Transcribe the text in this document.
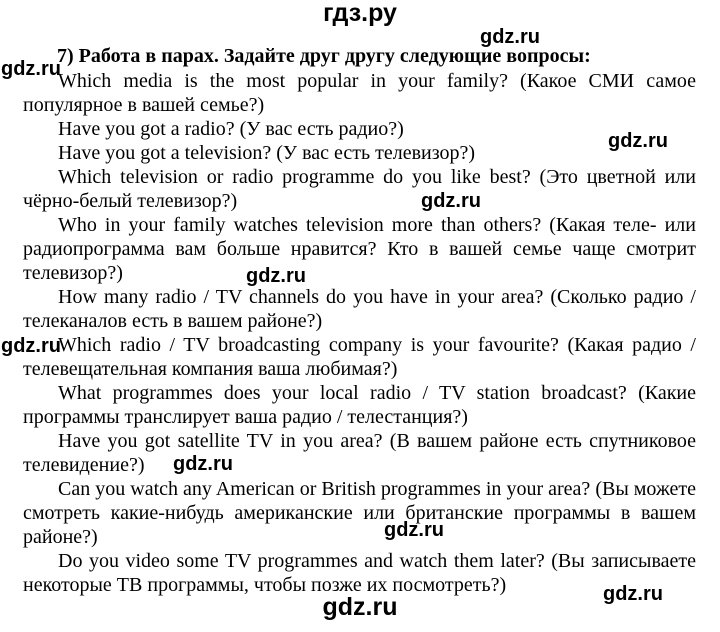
гдз.ру
gdz.ru
gdz.ru
gdz.ru
gdz.ru
gdz.ru
gdz.ru
gdz.ru
gdz.ru
gdz.ru
7) Работа в парах. Задайте друг другу следующие вопросы:

Which media is the most popular in your family? (Какое СМИ самое популярное в вашей семье?)

Have you got a radio? (У вас есть радио?)

Have you got a television? (У вас есть телевизор?)

Which television or radio programme do you like best? (Это цветной или чёрно-белый телевизор?)

Who in your family watches television more than others? (Какая теле- или радиопрограмма вам больше нравится? Кто в вашей семье чаще смотрит телевизор?)

How many radio / TV channels do you have in your area? (Сколько радио / телеканалов есть в вашем районе?)

Which radio / TV broadcasting company is your favourite? (Какая радио / телевещательная компания ваша любимая?)

What programmes does your local radio / TV station broadcast? (Какие программы транслирует ваша радио / телестанция?)

Have you got satellite TV in you area? (В вашем районе есть спутниковое телевидение?)

Can you watch any American or British programmes in your area? (Вы можете смотреть какие-нибудь американские или британские программы в вашем районе?)

Do you video some TV programmes and watch them later? (Вы записываете некоторые ТВ программы, чтобы позже их посмотреть?)

gdz.ru
